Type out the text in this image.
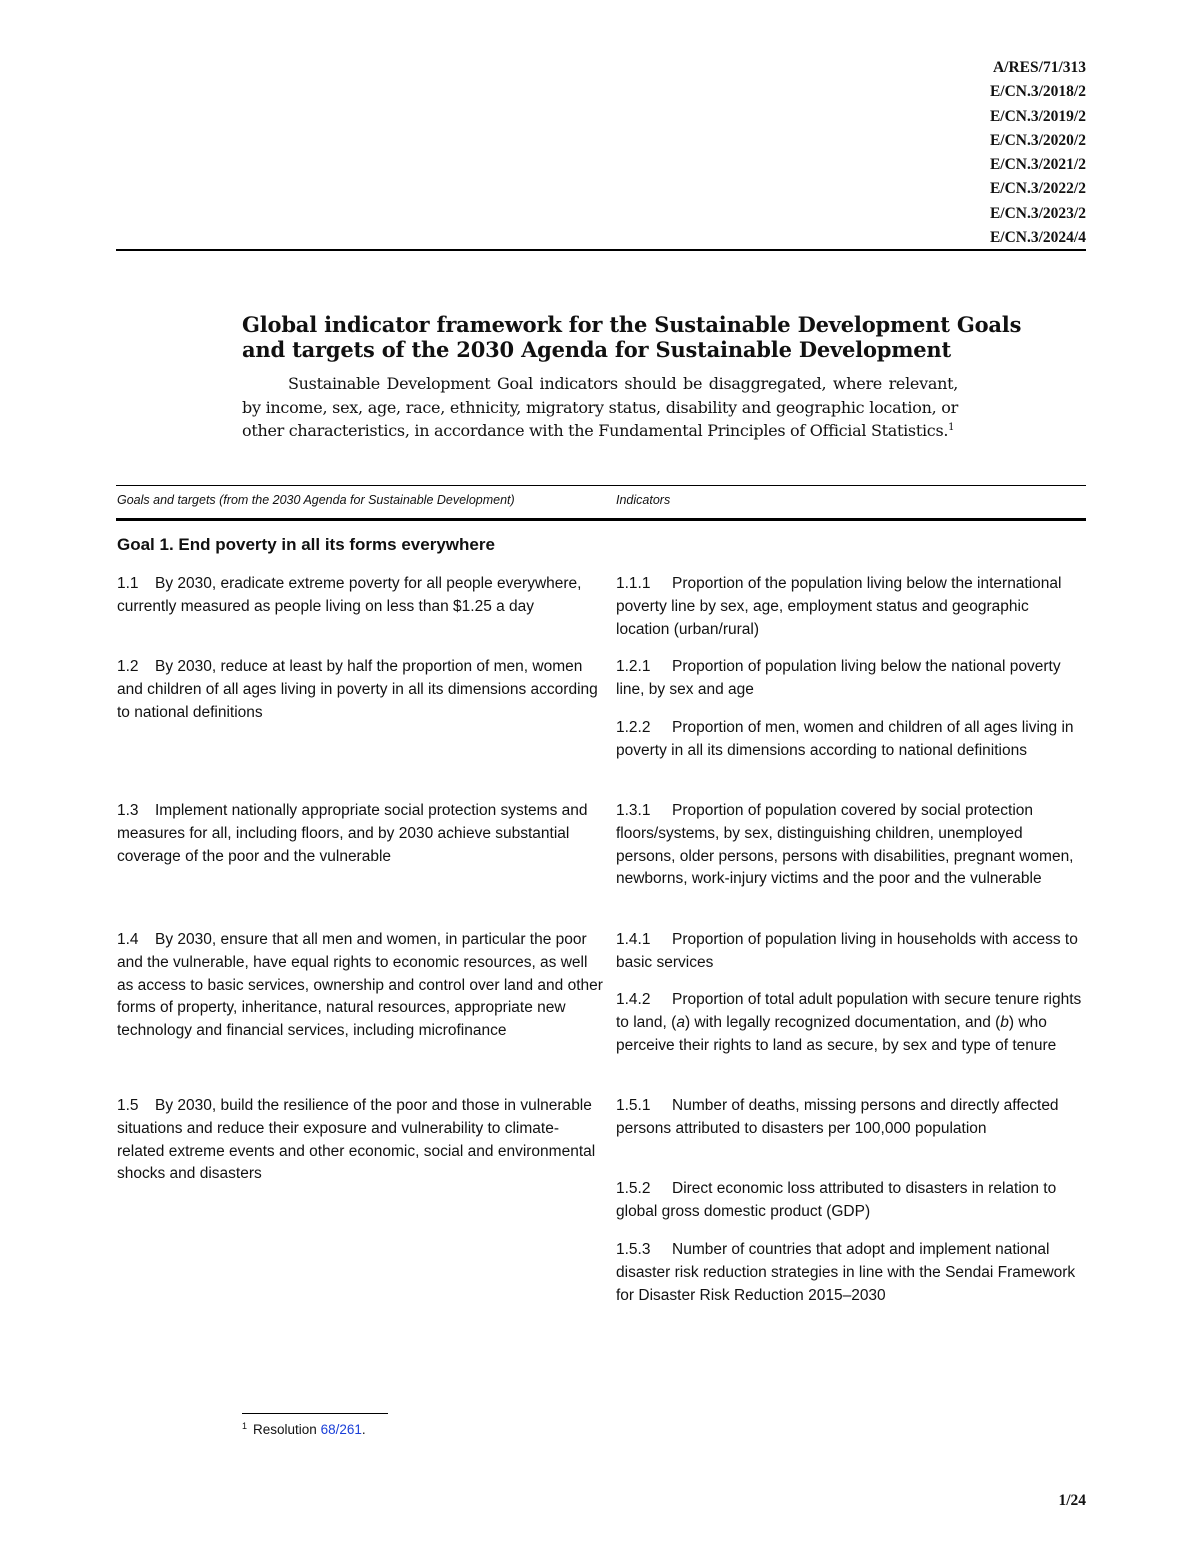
A/RES/71/313
E/CN.3/2018/2
E/CN.3/2019/2
E/CN.3/2020/2
E/CN.3/2021/2
E/CN.3/2022/2
E/CN.3/2023/2
E/CN.3/2024/4
Global indicator framework for the Sustainable Development Goals
and targets of the 2030 Agenda for Sustainable Development
Sustainable Development Goal indicators should be disaggregated, where relevant, by income, sex, age, race, ethnicity, migratory status, disability and geographic location, or other characteristics, in accordance with the Fundamental Principles of Official Statistics.$^1$
Goals and targets (from the 2030 Agenda for Sustainable Development)	Indicators
Goal 1. End poverty in all its forms everywhere
1.1 By 2030, eradicate extreme poverty for all people everywhere, currently measured as people living on less than $1.25 a day
1.2 By 2030, reduce at least by half the proportion of men, women and children of all ages living in poverty in all its dimensions according to national definitions
1.3 Implement nationally appropriate social protection systems and measures for all, including floors, and by 2030 achieve substantial coverage of the poor and the vulnerable
1.4 By 2030, ensure that all men and women, in particular the poor and the vulnerable, have equal rights to economic resources, as well as access to basic services, ownership and control over land and other forms of property, inheritance, natural resources, appropriate new technology and financial services, including microfinance
1.5 By 2030, build the resilience of the poor and those in vulnerable situations and reduce their exposure and vulnerability to climate-related extreme events and other economic, social and environmental shocks and disasters
1.1.1 Proportion of the population living below the international poverty line by sex, age, employment status and geographic location (urban/rural)
1.2.1 Proportion of population living below the national poverty line, by sex and age
1.2.2 Proportion of men, women and children of all ages living in poverty in all its dimensions according to national definitions
1.3.1 Proportion of population covered by social protection floors/systems, by sex, distinguishing children, unemployed persons, older persons, persons with disabilities, pregnant women, newborns, work-injury victims and the poor and the vulnerable
1.4.1 Proportion of population living in households with access to basic services
1.4.2 Proportion of total adult population with secure tenure rights to land, (a) with legally recognized documentation, and (b) who perceive their rights to land as secure, by sex and type of tenure
1.5.1 Number of deaths, missing persons and directly affected persons attributed to disasters per 100,000 population
1.5.2 Direct economic loss attributed to disasters in relation to global gross domestic product (GDP)
1.5.3 Number of countries that adopt and implement national disaster risk reduction strategies in line with the Sendai Framework for Disaster Risk Reduction 2015–2030
$^1$ Resolution 68/261.
1/24
